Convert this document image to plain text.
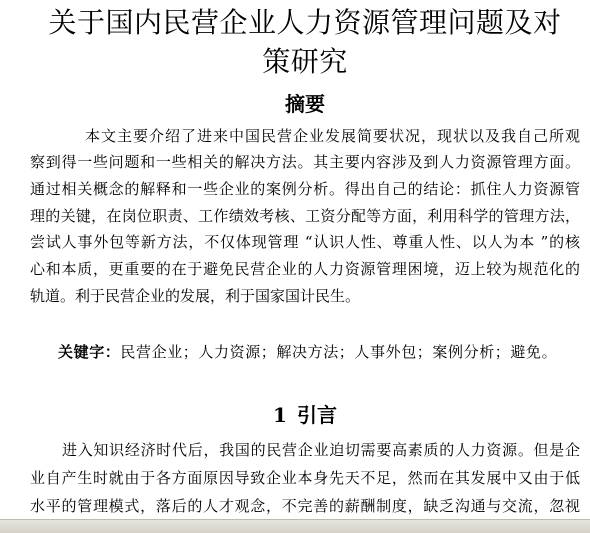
关于国内民营企业人力资源管理问题及对
策研究
摘要
本文主要介绍了进来中国民营企业发展简要状况，现状以及我自己所观
察到得一些问题和一些相关的解决方法。其主要内容涉及到人力资源管理方面。
通过相关概念的解释和一些企业的案例分析。得出自己的结论：抓住人力资源管
理的关键，在岗位职责、工作绩效考核、工资分配等方面，利用科学的管理方法，
尝试人事外包等新方法，不仅体现管理 “认识人性、尊重人性、以人为本 ”的核
心和本质，更重要的在于避免民营企业的人力资源管理困境，迈上较为规范化的
轨道。利于民营企业的发展，利于国家国计民生。
关键字：民营企业；人力资源；解决方法；人事外包；案例分析；避免。
1 引言
进入知识经济时代后，我国的民营企业迫切需要高素质的人力资源。但是企
业自产生时就由于各方面原因导致企业本身先天不足，然而在其发展中又由于低
水平的管理模式，落后的人才观念，不完善的薪酬制度，缺乏沟通与交流，忽视
